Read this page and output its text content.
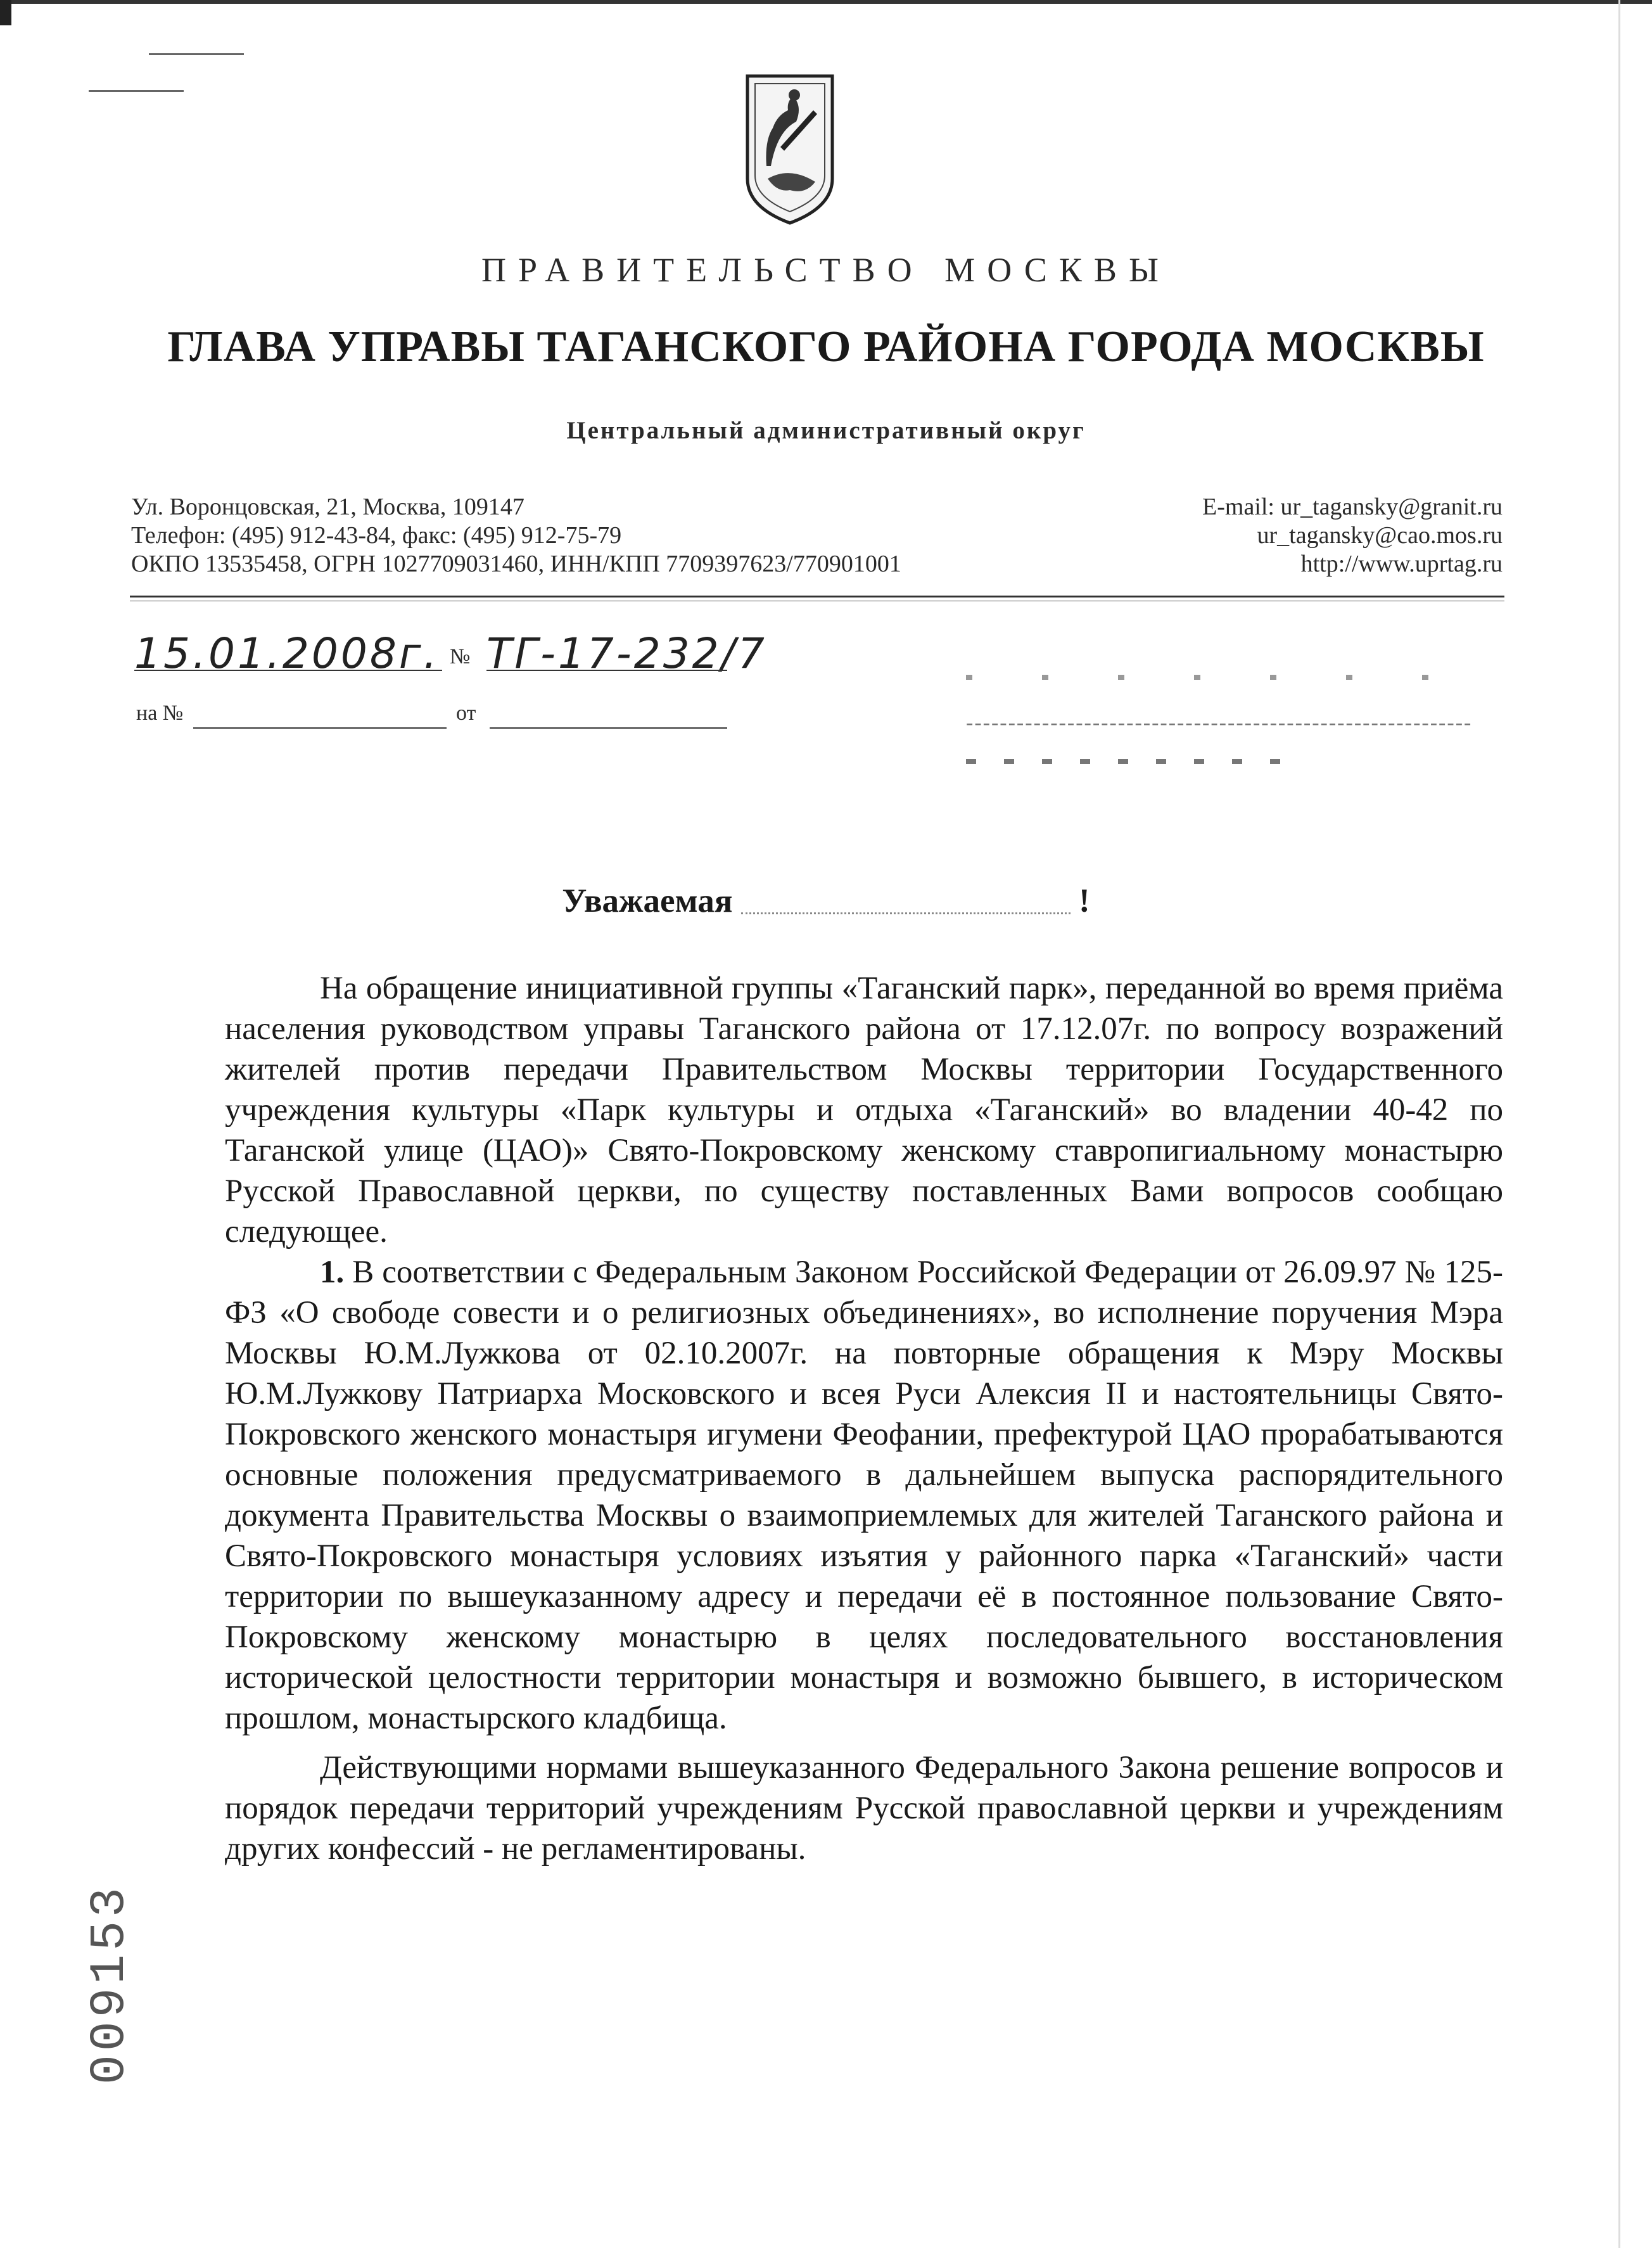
ПРАВИТЕЛЬСТВО МОСКВЫ
ГЛАВА УПРАВЫ ТАГАНСКОГО РАЙОНА ГОРОДА МОСКВЫ
Центральный административный округ
Ул. Воронцовская, 21, Москва, 109147
Телефон: (495) 912-43-84, факс: (495) 912-75-79
ОКПО 13535458, ОГРН 1027709031460, ИНН/КПП 7709397623/770901001
E-mail: ur_tagansky@granit.ru
ur_tagansky@cao.mos.ru
http://www.uprtag.ru
15.01.2008г. № ТГ-17-232/7
на №	от	------------------------------------------------------------
Уважаемая	!

На обращение инициативной группы «Таганский парк», переданной во время приёма населения руководством управы Таганского района от 17.12.07г. по вопросу возражений жителей против передачи Правительством Москвы территории Государственного учреждения культуры «Парк культуры и отдыха «Таганский» во владении 40-42 по Таганской улице (ЦАО)» Свято-Покровскому женскому ставропигиальному монастырю Русской Православной церкви, по существу поставленных Вами вопросов сообщаю следующее.

1. В соответствии с Федеральным Законом Российской Федерации от 26.09.97 № 125-ФЗ «О свободе совести и о религиозных объединениях», во исполнение поручения Мэра Москвы Ю.М.Лужкова от 02.10.2007г. на повторные обращения к Мэру Москвы Ю.М.Лужкову Патриарха Московского и всея Руси Алексия II и настоятельницы Свято-Покровского женского монастыря игумени Феофании, префектурой ЦАО прорабатываются основные положения предусматриваемого в дальнейшем выпуска распорядительного документа Правительства Москвы о взаимоприемлемых для жителей Таганского района и Свято-Покровского монастыря условиях изъятия у районного парка «Таганский» части территории по вышеуказанному адресу и передачи её в постоянное пользование Свято-Покровскому женскому монастырю в целях последовательного восстановления исторической целостности территории монастыря и возможно бывшего, в историческом прошлом, монастырского кладбища.

Действующими нормами вышеуказанного Федерального Закона решение вопросов и порядок передачи территорий учреждениям Русской православной церкви и учреждениям других конфессий - не регламентированы.

009153
